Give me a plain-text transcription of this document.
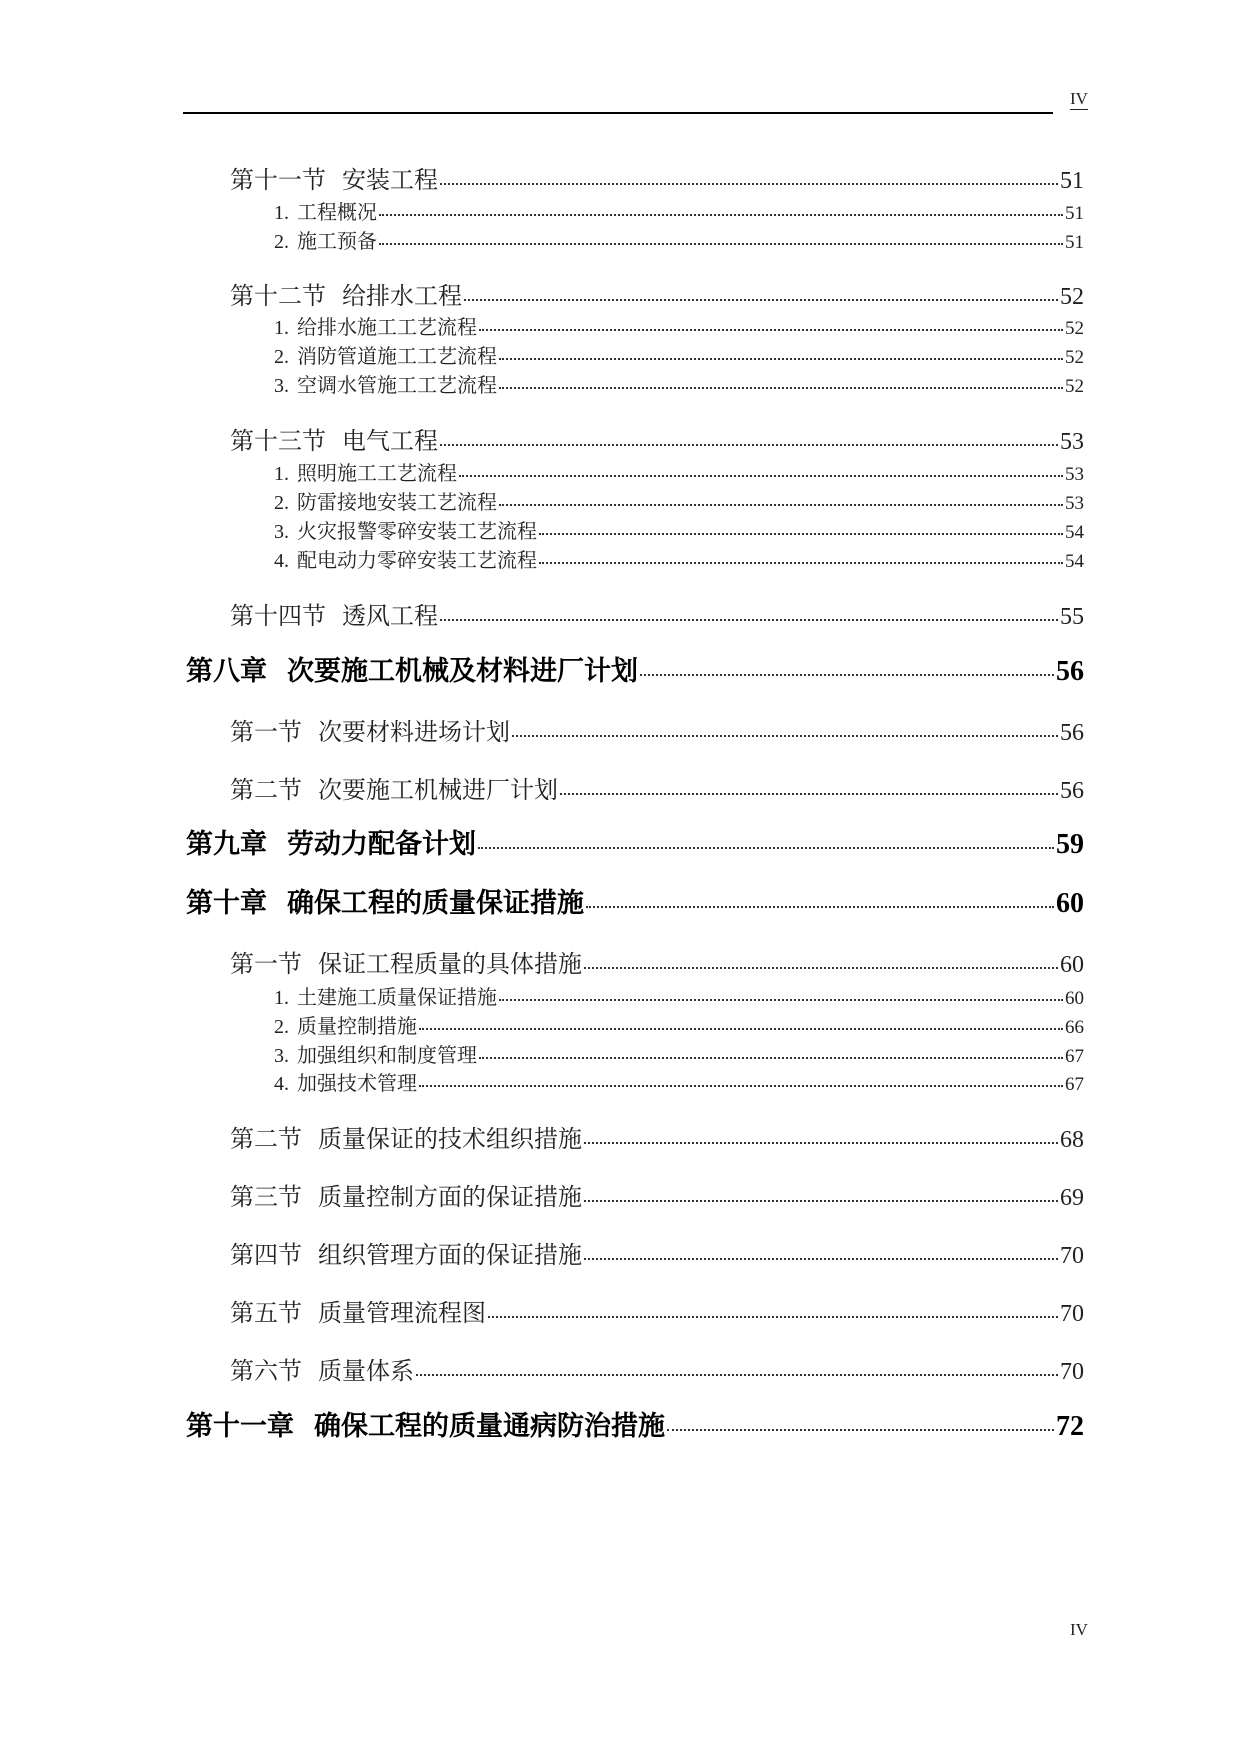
IV
第十一节 安装工程	51
1. 工程概况	51
2. 施工预备	51
第十二节 给排水工程	52
1. 给排水施工工艺流程	52
2. 消防管道施工工艺流程	52
3. 空调水管施工工艺流程	52
第十三节 电气工程	53
1. 照明施工工艺流程	53
2. 防雷接地安装工艺流程	53
3. 火灾报警零碎安装工艺流程	54
4. 配电动力零碎安装工艺流程	54
第十四节 透风工程	55
第八章 次要施工机械及材料进厂计划	56
第一节 次要材料进场计划	56
第二节 次要施工机械进厂计划	56
第九章 劳动力配备计划	59
第十章 确保工程的质量保证措施	60
第一节 保证工程质量的具体措施	60
1. 土建施工质量保证措施	60
2. 质量控制措施	66
3. 加强组织和制度管理	67
4. 加强技术管理	67
第二节 质量保证的技术组织措施	68
第三节 质量控制方面的保证措施	69
第四节 组织管理方面的保证措施	70
第五节 质量管理流程图	70
第六节 质量体系	70
第十一章 确保工程的质量通病防治措施	72
IV
